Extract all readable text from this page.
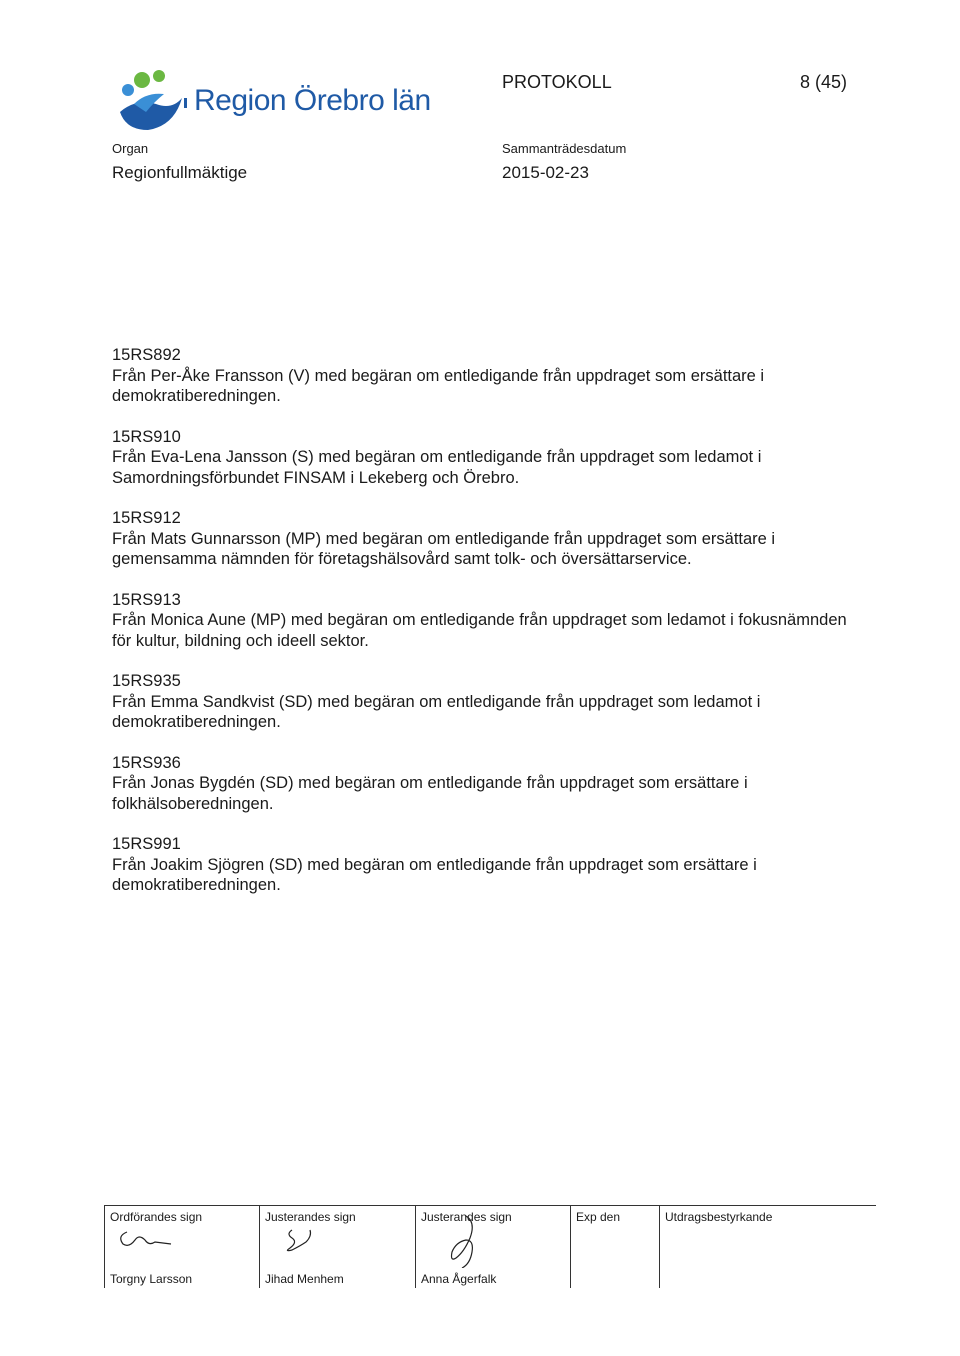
Region Örebro län
PROTOKOLL	8 (45)
Organ
Regionfullmäktige
Sammanträdesdatum
2015-02-23
15RS892
Från Per-Åke Fransson (V) med begäran om entledigande från uppdraget som ersättare i demokratiberedningen.
15RS910
Från Eva-Lena Jansson (S) med begäran om entledigande från uppdraget som ledamot i Samordningsförbundet FINSAM i Lekeberg och Örebro.
15RS912
Från Mats Gunnarsson (MP) med begäran om entledigande från uppdraget som ersättare i gemensamma nämnden för företagshälsovård samt tolk- och översättarservice.
15RS913
Från Monica Aune (MP) med begäran om entledigande från uppdraget som ledamot i fokusnämnden för kultur, bildning och ideell sektor.
15RS935
Från Emma Sandkvist (SD) med begäran om entledigande från uppdraget som ledamot i demokratiberedningen.
15RS936
Från Jonas Bygdén (SD) med begäran om entledigande från uppdraget som ersättare i folkhälsoberedningen.
15RS991
Från Joakim Sjögren (SD) med begäran om entledigande från uppdraget som ersättare i demokratiberedningen.
Ordförandes sign
Torgny Larsson

Justerandes sign
Jihad Menhem

Justerandes sign
Anna Ågerfalk

Exp den	Utdragsbestyrkande
